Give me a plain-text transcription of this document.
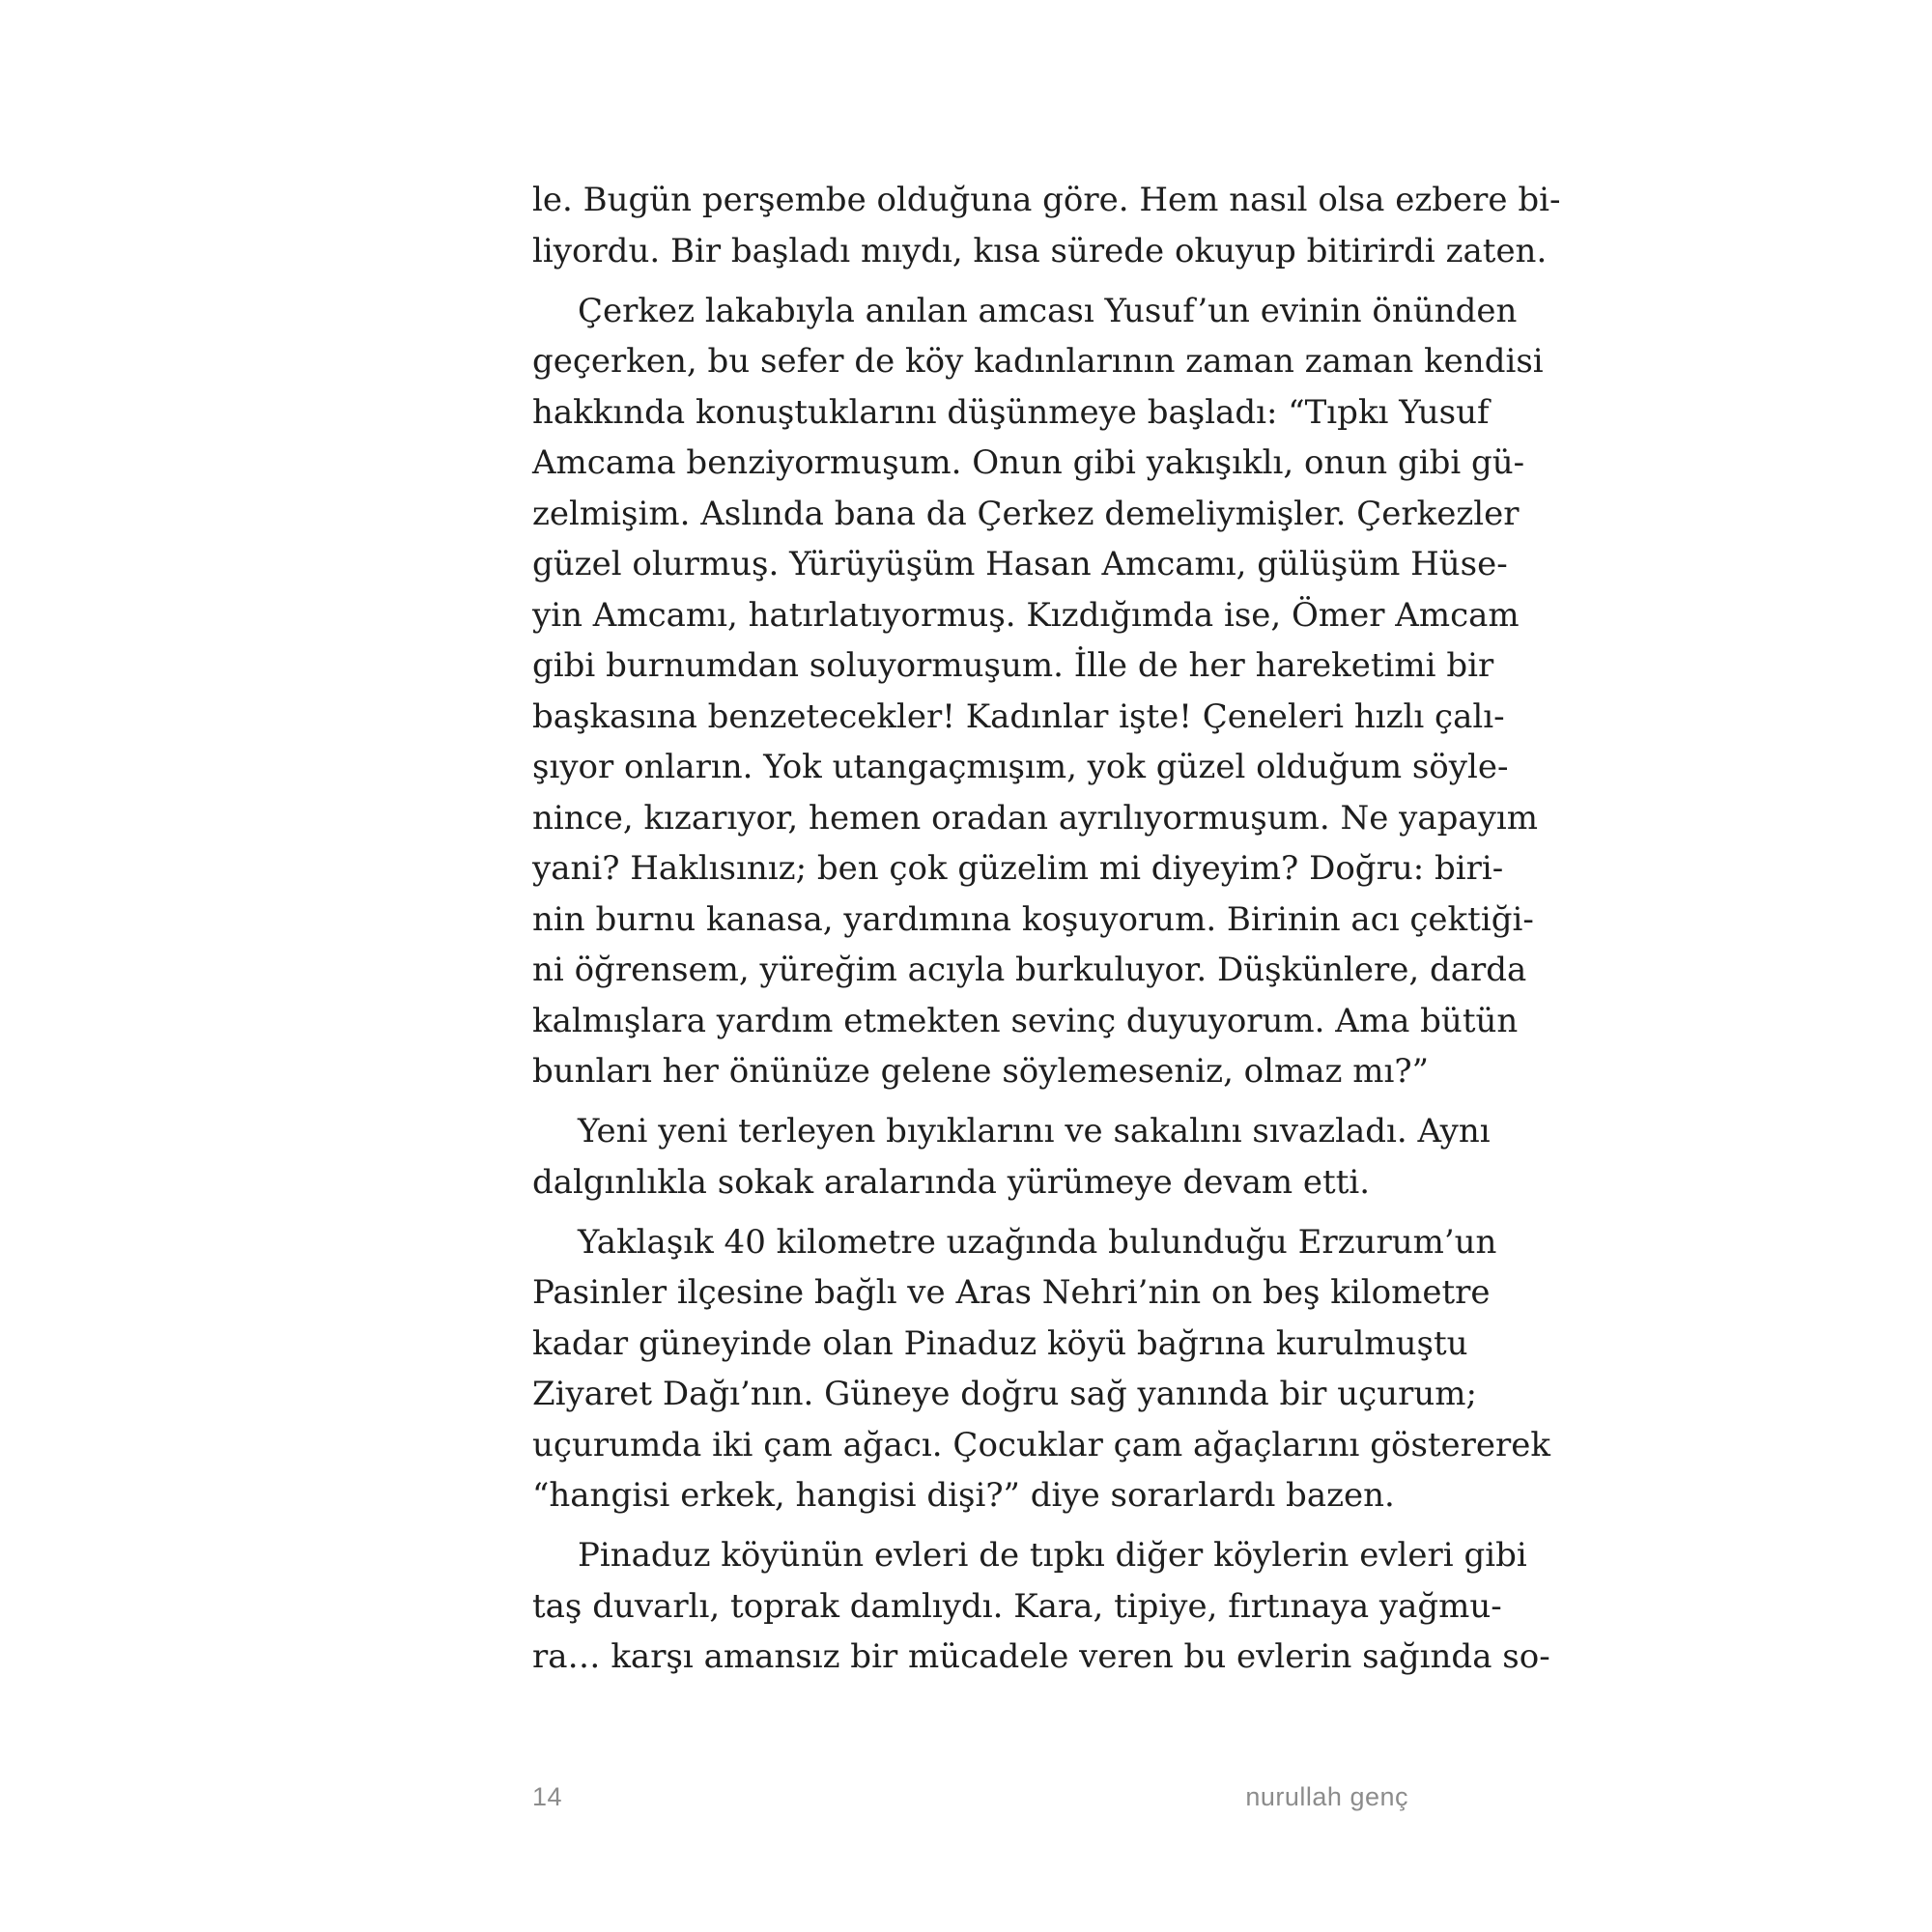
le. Bugün perşembe olduğuna göre. Hem nasıl olsa ezbere bi-
liyordu. Bir başladı mıydı, kısa sürede okuyup bitirirdi zaten.
Çerkez lakabıyla anılan amcası Yusuf’un evinin önünden
geçerken, bu sefer de köy kadınlarının zaman zaman kendisi
hakkında konuştuklarını düşünmeye başladı: “Tıpkı Yusuf
Amcama benziyormuşum. Onun gibi yakışıklı, onun gibi gü-
zelmişim. Aslında bana da Çerkez demeliymişler. Çerkezler
güzel olurmuş. Yürüyüşüm Hasan Amcamı, gülüşüm Hüse-
yin Amcamı, hatırlatıyormuş. Kızdığımda ise, Ömer Amcam
gibi burnumdan soluyormuşum. İlle de her hareketimi bir
başkasına benzetecekler! Kadınlar işte! Çeneleri hızlı çalı-
şıyor onların. Yok utangaçmışım, yok güzel olduğum söyle-
nince, kızarıyor, hemen oradan ayrılıyormuşum. Ne yapayım
yani? Haklısınız; ben çok güzelim mi diyeyim? Doğru: biri-
nin burnu kanasa, yardımına koşuyorum. Birinin acı çektiği-
ni öğrensem, yüreğim acıyla burkuluyor. Düşkünlere, darda
kalmışlara yardım etmekten sevinç duyuyorum. Ama bütün
bunları her önünüze gelene söylemeseniz, olmaz mı?”
Yeni yeni terleyen bıyıklarını ve sakalını sıvazladı. Aynı
dalgınlıkla sokak aralarında yürümeye devam etti.
Yaklaşık 40 kilometre uzağında bulunduğu Erzurum’un
Pasinler ilçesine bağlı ve Aras Nehri’nin on beş kilometre
kadar güneyinde olan Pinaduz köyü bağrına kurulmuştu
Ziyaret Dağı’nın. Güneye doğru sağ yanında bir uçurum;
uçurumda iki çam ağacı. Çocuklar çam ağaçlarını göstererek
“hangisi erkek, hangisi dişi?” diye sorarlardı bazen.
Pinaduz köyünün evleri de tıpkı diğer köylerin evleri gibi
taş duvarlı, toprak damlıydı. Kara, tipiye, fırtınaya yağmu-
ra… karşı amansız bir mücadele veren bu evlerin sağında so-
14	nurullah genç
